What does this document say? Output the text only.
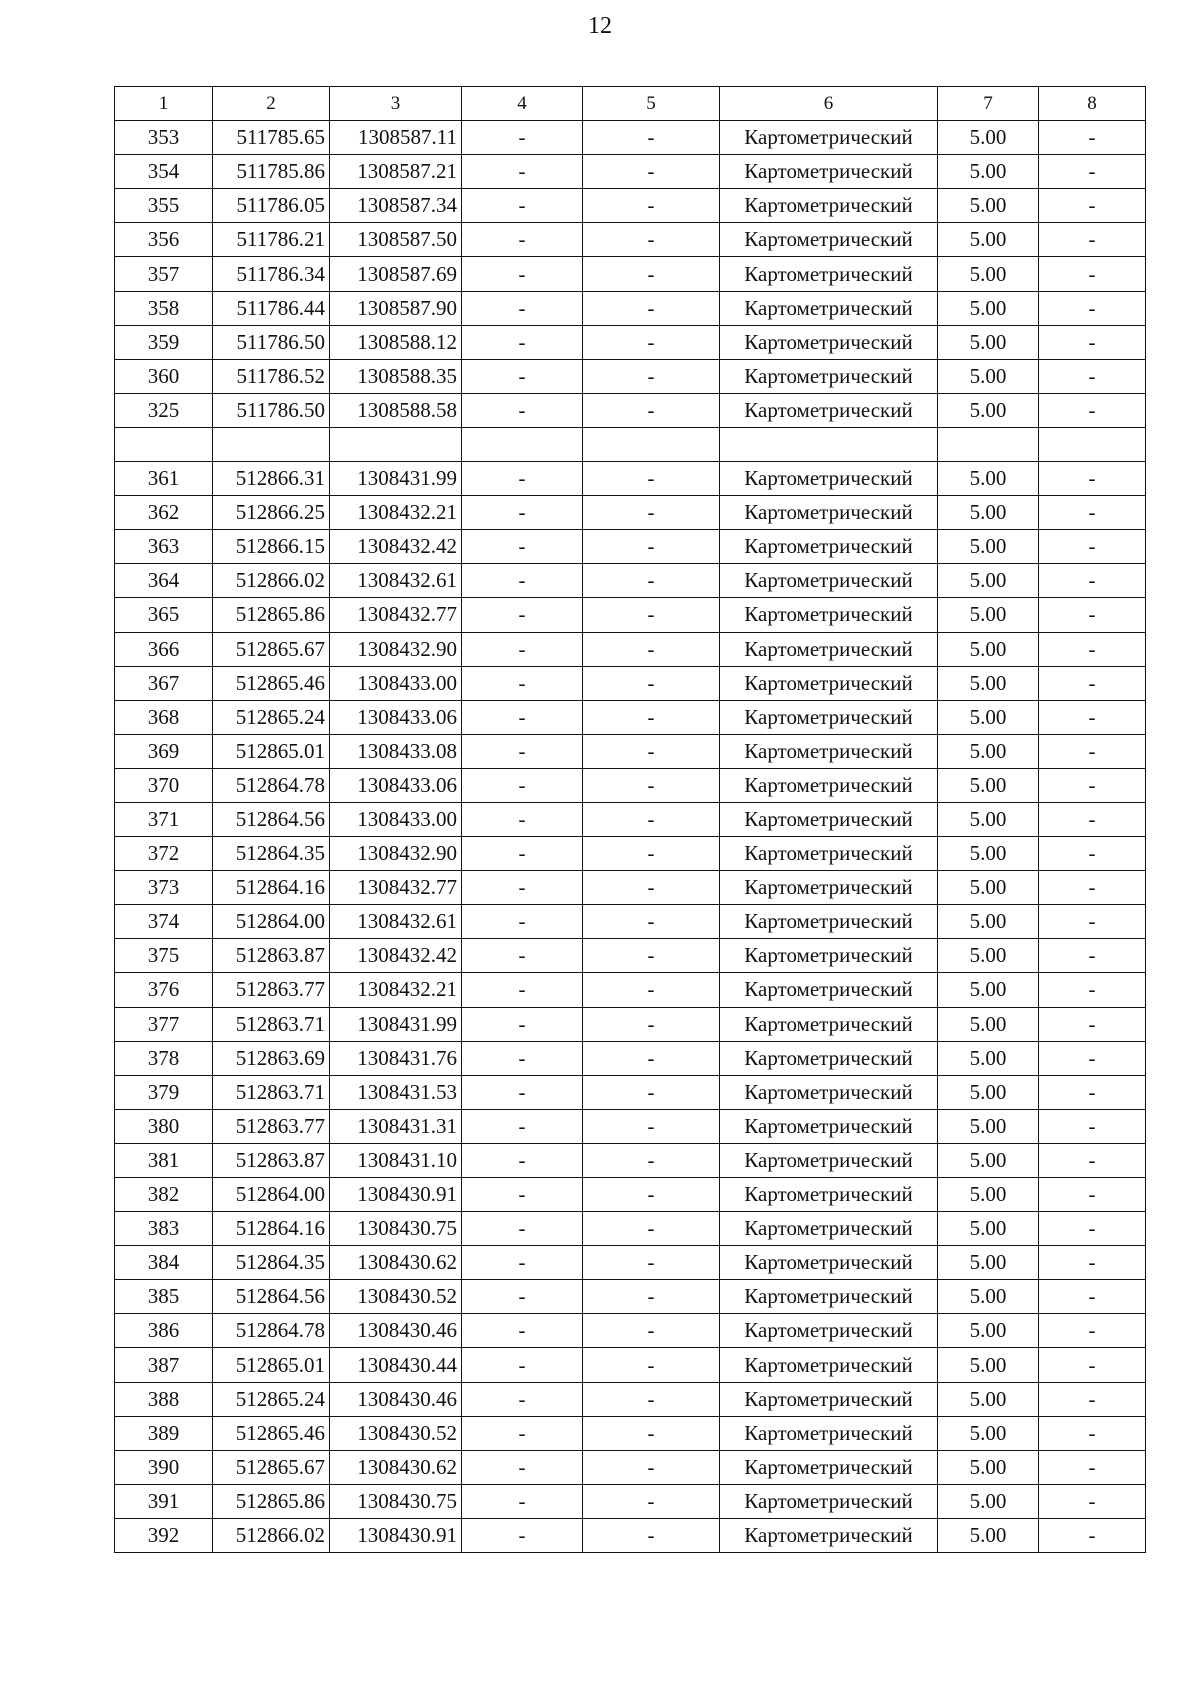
12
1	2	3	4	5	6	7	8
353	511785.65	1308587.11	-	-	Картометрический	5.00	-
354	511785.86	1308587.21	-	-	Картометрический	5.00	-
355	511786.05	1308587.34	-	-	Картометрический	5.00	-
356	511786.21	1308587.50	-	-	Картометрический	5.00	-
357	511786.34	1308587.69	-	-	Картометрический	5.00	-
358	511786.44	1308587.90	-	-	Картометрический	5.00	-
359	511786.50	1308588.12	-	-	Картометрический	5.00	-
360	511786.52	1308588.35	-	-	Картометрический	5.00	-
325	511786.50	1308588.58	-	-	Картометрический	5.00	-

361	512866.31	1308431.99	-	-	Картометрический	5.00	-
362	512866.25	1308432.21	-	-	Картометрический	5.00	-
363	512866.15	1308432.42	-	-	Картометрический	5.00	-
364	512866.02	1308432.61	-	-	Картометрический	5.00	-
365	512865.86	1308432.77	-	-	Картометрический	5.00	-
366	512865.67	1308432.90	-	-	Картометрический	5.00	-
367	512865.46	1308433.00	-	-	Картометрический	5.00	-
368	512865.24	1308433.06	-	-	Картометрический	5.00	-
369	512865.01	1308433.08	-	-	Картометрический	5.00	-
370	512864.78	1308433.06	-	-	Картометрический	5.00	-
371	512864.56	1308433.00	-	-	Картометрический	5.00	-
372	512864.35	1308432.90	-	-	Картометрический	5.00	-
373	512864.16	1308432.77	-	-	Картометрический	5.00	-
374	512864.00	1308432.61	-	-	Картометрический	5.00	-
375	512863.87	1308432.42	-	-	Картометрический	5.00	-
376	512863.77	1308432.21	-	-	Картометрический	5.00	-
377	512863.71	1308431.99	-	-	Картометрический	5.00	-
378	512863.69	1308431.76	-	-	Картометрический	5.00	-
379	512863.71	1308431.53	-	-	Картометрический	5.00	-
380	512863.77	1308431.31	-	-	Картометрический	5.00	-
381	512863.87	1308431.10	-	-	Картометрический	5.00	-
382	512864.00	1308430.91	-	-	Картометрический	5.00	-
383	512864.16	1308430.75	-	-	Картометрический	5.00	-
384	512864.35	1308430.62	-	-	Картометрический	5.00	-
385	512864.56	1308430.52	-	-	Картометрический	5.00	-
386	512864.78	1308430.46	-	-	Картометрический	5.00	-
387	512865.01	1308430.44	-	-	Картометрический	5.00	-
388	512865.24	1308430.46	-	-	Картометрический	5.00	-
389	512865.46	1308430.52	-	-	Картометрический	5.00	-
390	512865.67	1308430.62	-	-	Картометрический	5.00	-
391	512865.86	1308430.75	-	-	Картометрический	5.00	-
392	512866.02	1308430.91	-	-	Картометрический	5.00	-
